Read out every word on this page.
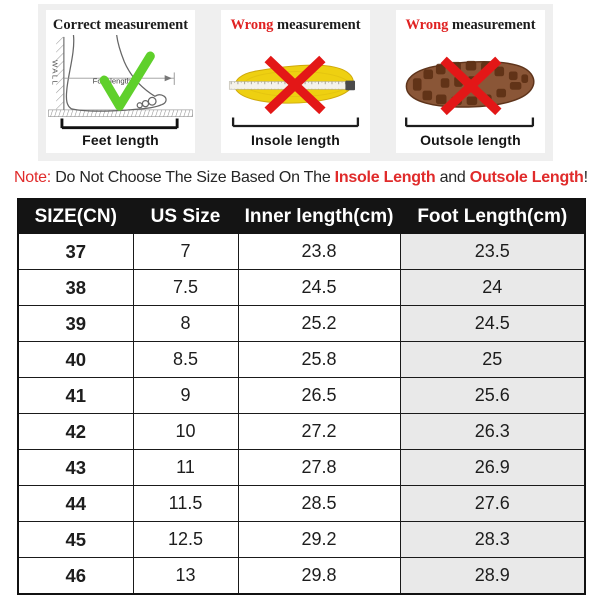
Correct measurement
WALL	Foot length
Feet length
Wrong measurement
Insole length
Wrong measurement
Outsole length
Note: Do Not Choose The Size Based On The Insole Length and Outsole Length!
SIZE(CN)	US Size	Inner length(cm)	Foot Length(cm)
37	7	23.8	23.5
38	7.5	24.5	24
39	8	25.2	24.5
40	8.5	25.8	25
41	9	26.5	25.6
42	10	27.2	26.3
43	11	27.8	26.9
44	11.5	28.5	27.6
45	12.5	29.2	28.3
46	13	29.8	28.9
